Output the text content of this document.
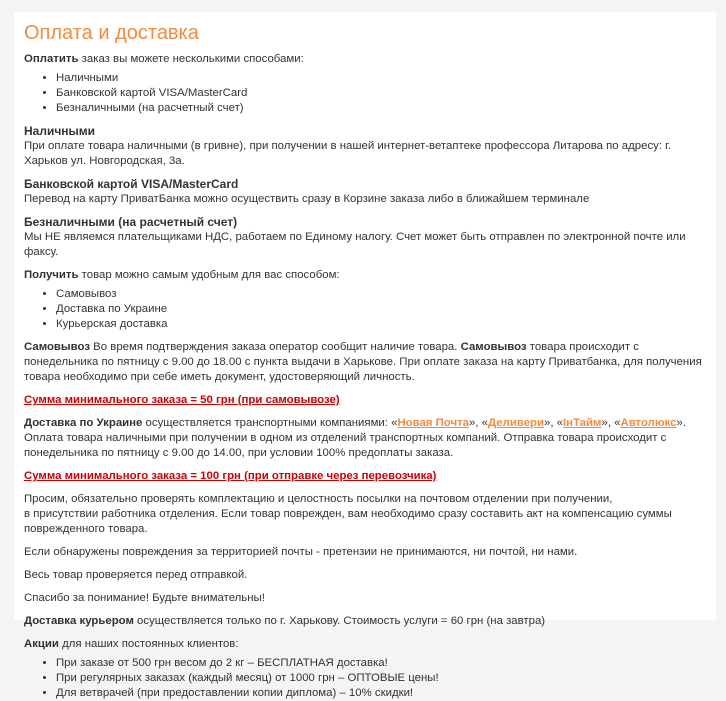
Оплата и доставка

Оплатить заказ вы можете несколькими способами:

• Наличными
• Банковской картой VISA/MasterCard
• Безналичными (на расчетный счет)
Наличными
При оплате товара наличными (в гривне), при получении в нашей интернет-ветаптеке профессора Литарова по адресу: г. Харьков ул. Новгородская, 3а.
Банковской картой VISA/MasterCard
Перевод на карту ПриватБанка можно осуществить сразу в Корзине заказа либо в ближайшем терминале
Безналичными (на расчетный счет)
Мы НЕ являемся плательщиками НДС, работаем по Единому налогу. Счет может быть отправлен по электронной почте или факсу.

Получить товар можно самым удобным для вас способом:

• Самовывоз
• Доставка по Украине
• Курьерская доставка

Самовывоз Во время подтверждения заказа оператор сообщит наличие товара. Самовывоз товара происходит с понедельника по пятницу с 9.00 до 18.00 с пункта выдачи в Харькове. При оплате заказа на карту Приватбанка, для получения товара необходимо при себе иметь документ, удостоверяющий личность.

Сумма минимального заказа = 50 грн (при самовывозе)

Доставка по Украине осуществляется транспортными компаниями: «Новая Почта», «Деливери», «ІнТайм», «Автолюкс». Оплата товара наличными при получении в одном из отделений транспортных компаний. Отправка товара происходит с понедельника по пятницу с 9.00 до 14.00, при условии 100% предоплаты заказа.

Сумма минимального заказа = 100 грн (при отправке через перевозчика)

Просим, обязательно проверять комплектацию и целостность посылки на почтовом отделении при получении,
в присутствии работника отделения. Если товар поврежден, вам необходимо сразу составить акт на компенсацию суммы поврежденного товара.

Если обнаружены повреждения за территорией почты - претензии не принимаются, ни почтой, ни нами.

Весь товар проверяется перед отправкой.

Спасибо за понимание! Будьте внимательны!

Доставка курьером осуществляется только по г. Харькову. Стоимость услуги = 60 грн (на завтра)

Акции для наших постоянных клиентов:

• При заказе от 500 грн весом до 2 кг – БЕСПЛАТНАЯ доставка!
• При регулярных заказах (каждый месяц) от 1000 грн – ОПТОВЫЕ цены!
• Для ветврачей (при предоставлении копии диплома) – 10% скидки!
